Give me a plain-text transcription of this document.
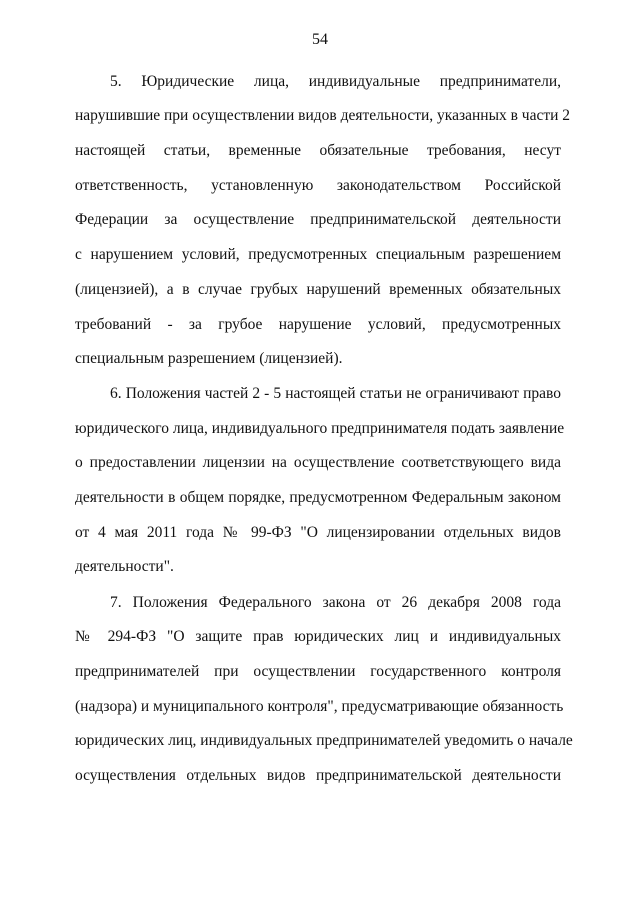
54
5. Юридические лица, индивидуальные предприниматели,
нарушившие при осуществлении видов деятельности, указанных в части 2
настоящей статьи, временные обязательные требования, несут
ответственность, установленную законодательством Российской
Федерации за осуществление предпринимательской деятельности
с нарушением условий, предусмотренных специальным разрешением
(лицензией), а в случае грубых нарушений временных обязательных
требований - за грубое нарушение условий, предусмотренных
специальным разрешением (лицензией).
6. Положения частей 2 - 5 настоящей статьи не ограничивают право
юридического лица, индивидуального предпринимателя подать заявление
о предоставлении лицензии на осуществление соответствующего вида
деятельности в общем порядке, предусмотренном Федеральным законом
от 4 мая 2011 года № 99-ФЗ "О лицензировании отдельных видов
деятельности".
7. Положения Федерального закона от 26 декабря 2008 года
№ 294-ФЗ "О защите прав юридических лиц и индивидуальных
предпринимателей при осуществлении государственного контроля
(надзора) и муниципального контроля", предусматривающие обязанность
юридических лиц, индивидуальных предпринимателей уведомить о начале
осуществления отдельных видов предпринимательской деятельности
